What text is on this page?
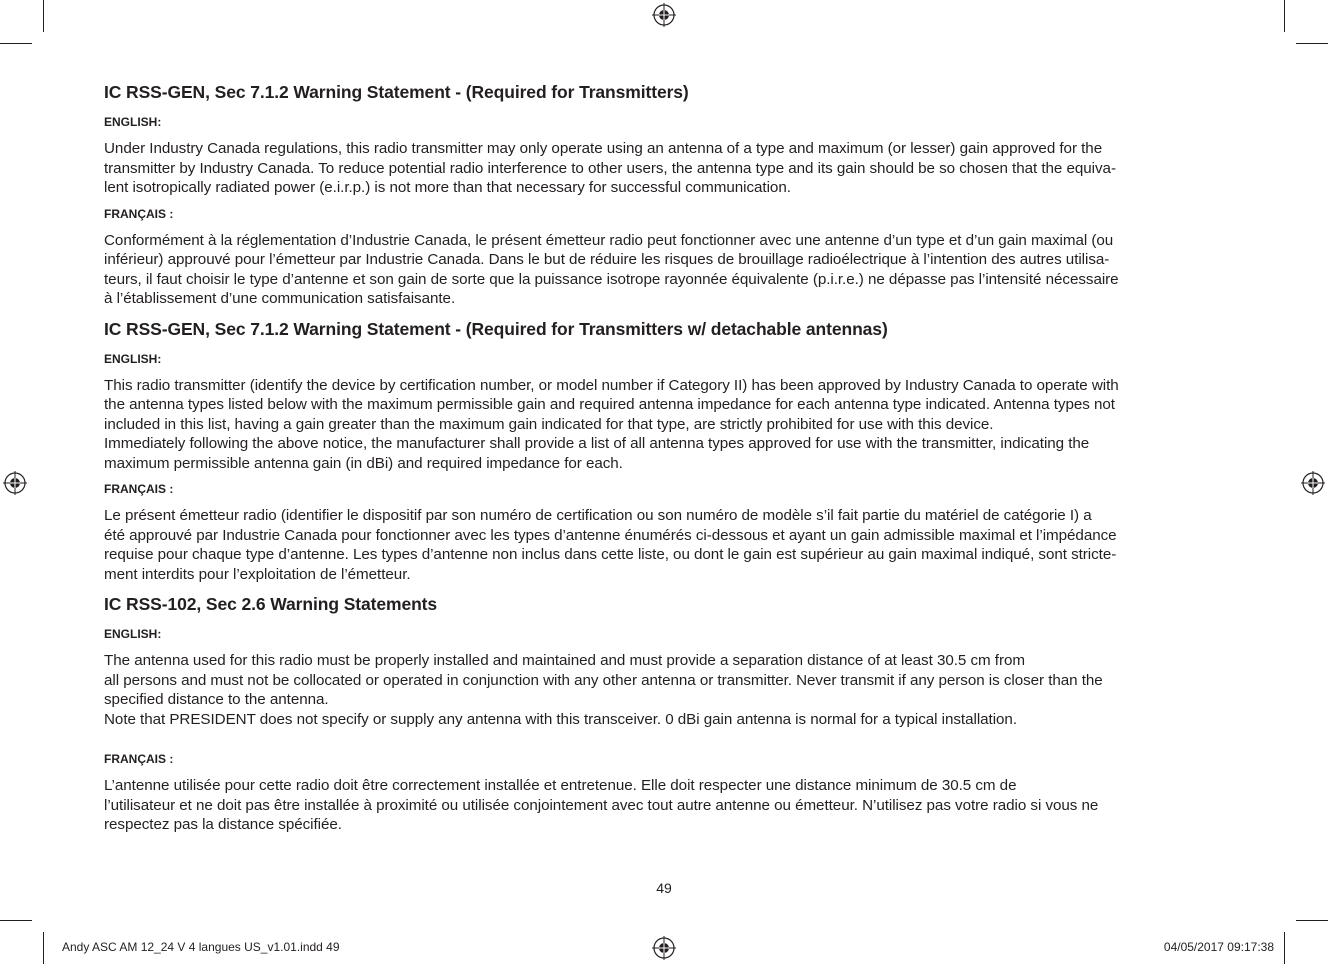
IC RSS-GEN, Sec 7.1.2 Warning Statement - (Required for Transmitters)
ENGLISH:

Under Industry Canada regulations, this radio transmitter may only operate using an antenna of a type and maximum (or lesser) gain approved for the
transmitter by Industry Canada. To reduce potential radio interference to other users, the antenna type and its gain should be so chosen that the equiva-
lent isotropically radiated power (e.i.r.p.) is not more than that necessary for successful communication.

FRANÇAIS :

Conformément à la réglementation d’Industrie Canada, le présent émetteur radio peut fonctionner avec une antenne d’un type et d’un gain maximal (ou
inférieur) approuvé pour l’émetteur par Industrie Canada. Dans le but de réduire les risques de brouillage radioélectrique à l’intention des autres utilisa-
teurs, il faut choisir le type d’antenne et son gain de sorte que la puissance isotrope rayonnée équivalente (p.i.r.e.) ne dépasse pas l’intensité nécessaire
à l’établissement d’une communication satisfaisante.

IC RSS-GEN, Sec 7.1.2 Warning Statement - (Required for Transmitters w/ detachable antennas)
ENGLISH:

This radio transmitter (identify the device by certification number, or model number if Category II) has been approved by Industry Canada to operate with
the antenna types listed below with the maximum permissible gain and required antenna impedance for each antenna type indicated. Antenna types not
included in this list, having a gain greater than the maximum gain indicated for that type, are strictly prohibited for use with this device.
Immediately following the above notice, the manufacturer shall provide a list of all antenna types approved for use with the transmitter, indicating the
maximum permissible antenna gain (in dBi) and required impedance for each.

FRANÇAIS :

Le présent émetteur radio (identifier le dispositif par son numéro de certification ou son numéro de modèle s’il fait partie du matériel de catégorie I) a
été approuvé par Industrie Canada pour fonctionner avec les types d’antenne énumérés ci-dessous et ayant un gain admissible maximal et l’impédance
requise pour chaque type d’antenne. Les types d’antenne non inclus dans cette liste, ou dont le gain est supérieur au gain maximal indiqué, sont stricte-
ment interdits pour l’exploitation de l’émetteur.

IC RSS-102, Sec 2.6 Warning Statements
ENGLISH:

The antenna used for this radio must be properly installed and maintained and must provide a separation distance of at least 30.5 cm from
all persons and must not be collocated or operated in conjunction with any other antenna or transmitter. Never transmit if any person is closer than the
specified distance to the antenna.
Note that PRESIDENT does not specify or supply any antenna with this transceiver. 0 dBi gain antenna is normal for a typical installation.

FRANÇAIS :

L’antenne utilisée pour cette radio doit être correctement installée et entretenue. Elle doit respecter une distance minimum de 30.5 cm de
l’utilisateur et ne doit pas être installée à proximité ou utilisée conjointement avec tout autre antenne ou émetteur. N’utilisez pas votre radio si vous ne
respectez pas la distance spécifiée.

49
Andy ASC AM 12_24 V 4 langues US_v1.01.indd 49	04/05/2017 09:17:38
